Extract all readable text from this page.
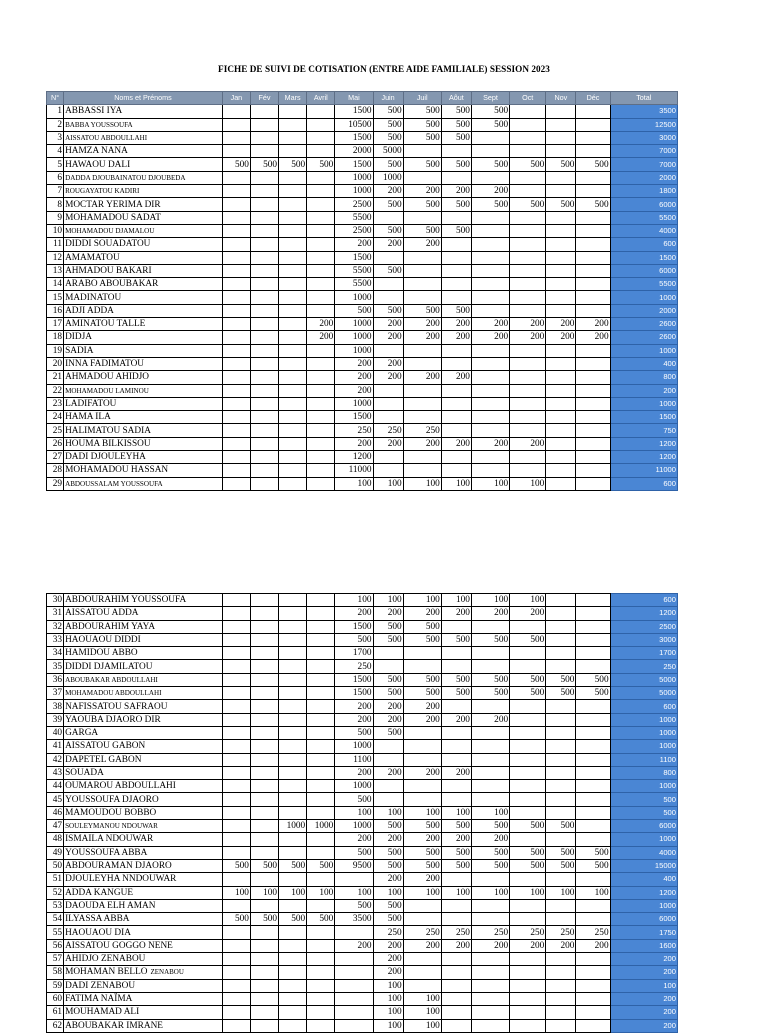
FICHE DE SUIVI DE COTISATION (ENTRE AIDE FAMILIALE) SESSION 2023
N°	Noms et Prénoms	Jan	Fév	Mars	Avril	Mai	Juin	Juil	Aôut	Sept	Oct	Nov	Déc	Total
1	ABBASSI IYA					1500	500	500	500	500				3500
2	BABBA YOUSSOUFA					10500	500	500	500	500				12500
3	AISSATOU ABDOULLAHI					1500	500	500	500					3000
4	HAMZA NANA					2000	5000							7000
5	HAWAOU DALI	500	500	500	500	1500	500	500	500	500	500	500	500	7000
6	DADDA DJOUBAINATOU DJOUBEDA					1000	1000							2000
7	ROUGAYATOU KADIRI					1000	200	200	200	200				1800
8	MOCTAR YERIMA DIR					2500	500	500	500	500	500	500	500	6000
9	MOHAMADOU SADAT					5500								5500
10	MOHAMADOU DJAMALOU					2500	500	500	500					4000
11	DIDDI SOUADATOU					200	200	200						600
12	AMAMATOU					1500								1500
13	AHMADOU BAKARI					5500	500							6000
14	ARABO ABOUBAKAR					5500								5500
15	MADINATOU					1000								1000
16	ADJI ADDA					500	500	500	500					2000
17	AMINATOU TALLE				200	1000	200	200	200	200	200	200	200	2600
18	DIDJA				200	1000	200	200	200	200	200	200	200	2600
19	SADIA					1000								1000
20	INNA FADIMATOU					200	200							400
21	AHMADOU AHIDJO					200	200	200	200					800
22	MOHAMADOU LAMINOU					200								200
23	LADIFATOU					1000								1000
24	HAMA ILA					1500								1500
25	HALIMATOU SADIA					250	250	250						750
26	HOUMA BILKISSOU					200	200	200	200	200	200			1200
27	DADI DJOULEYHA					1200								1200
28	MOHAMADOU HASSAN					11000								11000
29	ABDOUSSALAM YOUSSOUFA					100	100	100	100	100	100			600
30	ABDOURAHIM YOUSSOUFA					100	100	100	100	100	100			600
31	AISSATOU ADDA					200	200	200	200	200	200			1200
32	ABDOURAHIM YAYA					1500	500	500						2500
33	HAOUAOU DIDDI					500	500	500	500	500	500			3000
34	HAMIDOU ABBO					1700								1700
35	DIDDI DJAMILATOU					250								250
36	ABOUBAKAR ABDOULLAHI					1500	500	500	500	500	500	500	500	5000
37	MOHAMADOU ABDOULLAHI					1500	500	500	500	500	500	500	500	5000
38	NAFISSATOU SAFRAOU					200	200	200						600
39	YAOUBA DJAORO DIR					200	200	200	200	200				1000
40	GARGA					500	500							1000
41	AISSATOU GABON					1000								1000
42	DAPETEL GABON					1100								1100
43	SOUADA					200	200	200	200					800
44	OUMAROU ABDOULLAHI					1000								1000
45	YOUSSOUFA DJAORO					500								500
46	MAMOUDOU BOBBO					100	100	100	100	100				500
47	SOULEYMANOU NDOUWAR			1000	1000	1000	500	500	500	500	500	500		6000
48	ISMAILA NDOUWAR					200	200	200	200	200				1000
49	YOUSSOUFA ABBA					500	500	500	500	500	500	500	500	4000
50	ABDOURAMAN DJAORO	500	500	500	500	9500	500	500	500	500	500	500	500	15000
51	DJOULEYHA NNDOUWAR						200	200						400
52	ADDA KANGUE	100	100	100	100	100	100	100	100	100	100	100	100	1200
53	DAOUDA ELH AMAN					500	500							1000
54	ILYASSA ABBA	500	500	500	500	3500	500							6000
55	HAOUAOU DIA						250	250	250	250	250	250	250	1750
56	AISSATOU GOGGO NENE					200	200	200	200	200	200	200	200	1600
57	AHIDJO ZENABOU						200							200
58	MOHAMAN BELLO ZENABOU						200							200
59	DADI ZENABOU						100							100
60	FATIMA NAÏMA						100	100						200
61	MOUHAMAD ALI						100	100						200
62	ABOUBAKAR IMRANE						100	100						200
